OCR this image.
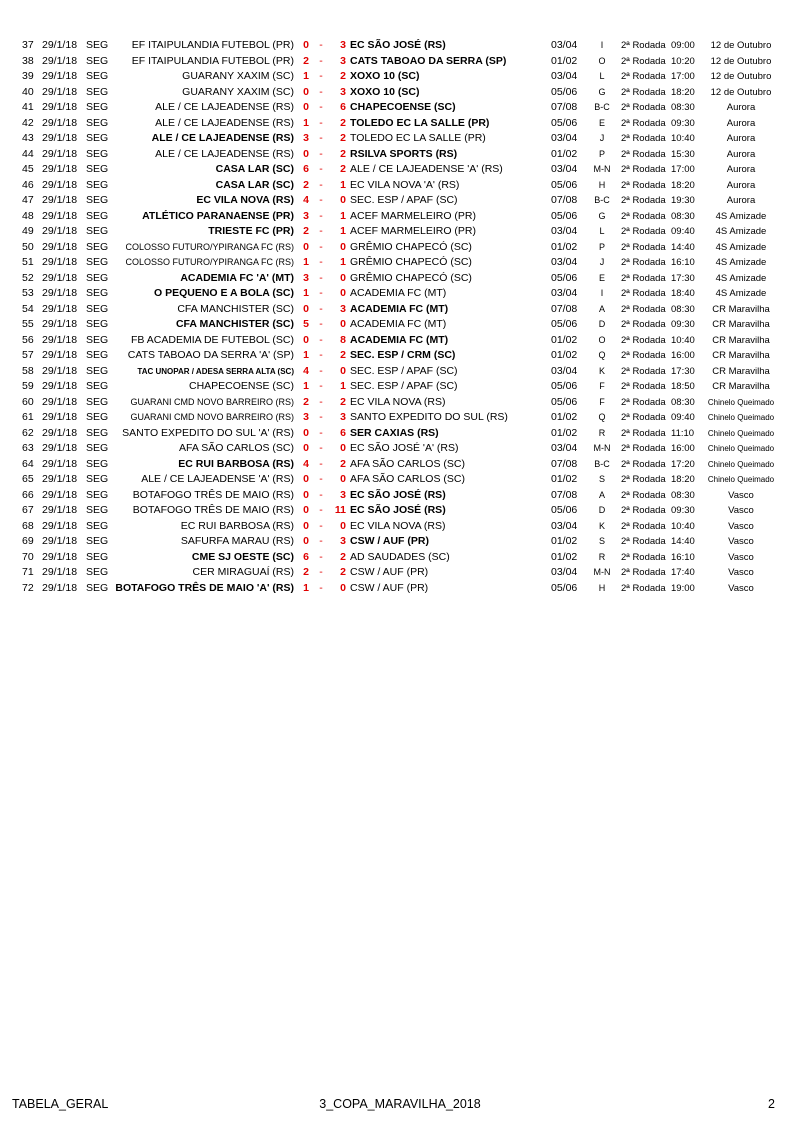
37 29/1/18 SEG EF ITAIPULANDIA FUTEBOL (PR) 0 -	3 EC SÃO JOSÉ (RS)	03/04	I	2ª Rodada 09:00	12 de Outubro
38 29/1/18 SEG EF ITAIPULANDIA FUTEBOL (PR) 2 -	3 CATS TABOAO DA SERRA (SP)	01/02	O	2ª Rodada 10:20	12 de Outubro
39 29/1/18 SEG	GUARANY XAXIM (SC) 1 -	2 XOXO 10 (SC)	03/04	L	2ª Rodada 17:00	12 de Outubro
40 29/1/18 SEG	GUARANY XAXIM (SC) 0 -	3 XOXO 10 (SC)	05/06	G	2ª Rodada 18:20	12 de Outubro
41 29/1/18 SEG	ALE / CE LAJEADENSE (RS) 0 -	6 CHAPECOENSE (SC)	07/08	B-C	2ª Rodada 08:30	Aurora
42 29/1/18 SEG	ALE / CE LAJEADENSE (RS) 1 -	2 TOLEDO EC LA SALLE (PR)	05/06	E	2ª Rodada 09:30	Aurora
43 29/1/18 SEG	ALE / CE LAJEADENSE (RS) 3 -	2 TOLEDO EC LA SALLE (PR)	03/04	J	2ª Rodada 10:40	Aurora
44 29/1/18 SEG	ALE / CE LAJEADENSE (RS) 0 -	2 RSILVA SPORTS (RS)	01/02	P	2ª Rodada 15:30	Aurora
45 29/1/18 SEG	CASA LAR (SC) 6 -	2 ALE / CE LAJEADENSE 'A' (RS)	03/04	M-N	2ª Rodada 17:00	Aurora
46 29/1/18 SEG	CASA LAR (SC) 2 -	1 EC VILA NOVA 'A' (RS)	05/06	H	2ª Rodada 18:20	Aurora
47 29/1/18 SEG	EC VILA NOVA (RS) 4 -	0 SEC. ESP / APAF (SC)	07/08	B-C	2ª Rodada 19:30	Aurora
48 29/1/18 SEG	ATLÉTICO PARANAENSE (PR) 3 -	1 ACEF MARMELEIRO (PR)	05/06	G	2ª Rodada 08:30	4S Amizade
49 29/1/18 SEG	TRIESTE FC (PR) 2 -	1 ACEF MARMELEIRO (PR)	03/04	L	2ª Rodada 09:40	4S Amizade
50 29/1/18 SEG COLOSSO FUTURO/YPIRANGA FC (RS) 0 -	0 GRÊMIO CHAPECÓ (SC)	01/02	P	2ª Rodada 14:40	4S Amizade
51 29/1/18 SEG COLOSSO FUTURO/YPIRANGA FC (RS) 1 -	1 GRÊMIO CHAPECÓ (SC)	03/04	J	2ª Rodada 16:10	4S Amizade
52 29/1/18 SEG	ACADEMIA FC 'A' (MT) 3 -	0 GRÊMIO CHAPECÓ (SC)	05/06	E	2ª Rodada 17:30	4S Amizade
53 29/1/18 SEG	O PEQUENO E A BOLA (SC) 1 -	0 ACADEMIA FC (MT)	03/04	I	2ª Rodada 18:40	4S Amizade
54 29/1/18 SEG	CFA MANCHISTER (SC) 0 -	3 ACADEMIA FC (MT)	07/08	A	2ª Rodada 08:30	CR Maravilha
55 29/1/18 SEG	CFA MANCHISTER (SC) 5 -	0 ACADEMIA FC (MT)	05/06	D	2ª Rodada 09:30	CR Maravilha
56 29/1/18 SEG FB ACADEMIA DE FUTEBOL (SC) 0 -	8 ACADEMIA FC (MT)	01/02	O	2ª Rodada 10:40	CR Maravilha
57 29/1/18 SEG CATS TABOAO DA SERRA 'A' (SP) 1 -	2 SEC. ESP / CRM (SC)	01/02	Q	2ª Rodada 16:00	CR Maravilha
58 29/1/18 SEG	TAC UNOPAR / ADESA SERRA ALTA (SC) 4 -	0 SEC. ESP / APAF (SC)	03/04	K	2ª Rodada 17:30	CR Maravilha
59 29/1/18 SEG	CHAPECOENSE (SC) 1 -	1 SEC. ESP / APAF (SC)	05/06	F	2ª Rodada 18:50	CR Maravilha
60 29/1/18 SEG GUARANI CMD NOVO BARREIRO (RS) 2 -	2 EC VILA NOVA (RS)	05/06	F	2ª Rodada 08:30	Chinelo Queimado
61 29/1/18 SEG GUARANI CMD NOVO BARREIRO (RS) 3 -	3 SANTO EXPEDITO DO SUL (RS)	01/02	Q	2ª Rodada 09:40	Chinelo Queimado
62 29/1/18 SEG SANTO EXPEDITO DO SUL 'A' (RS) 0 -	6 SER CAXIAS (RS)	01/02	R	2ª Rodada 11:10	Chinelo Queimado
63 29/1/18 SEG	AFA SÃO CARLOS (SC) 0 -	0 EC SÃO JOSÉ 'A' (RS)	03/04	M-N	2ª Rodada 16:00	Chinelo Queimado
64 29/1/18 SEG	EC RUI BARBOSA (RS) 4 -	2 AFA SÃO CARLOS (SC)	07/08	B-C	2ª Rodada 17:20	Chinelo Queimado
65 29/1/18 SEG	ALE / CE LAJEADENSE 'A' (RS) 0 -	0 AFA SÃO CARLOS (SC)	01/02	S	2ª Rodada 18:20	Chinelo Queimado
66 29/1/18 SEG BOTAFOGO TRÊS DE MAIO (RS) 0 -	3 EC SÃO JOSÉ (RS)	07/08	A	2ª Rodada 08:30	Vasco
67 29/1/18 SEG BOTAFOGO TRÊS DE MAIO (RS) 0 -	11 EC SÃO JOSÉ (RS)	05/06	D	2ª Rodada 09:30	Vasco
68 29/1/18 SEG	EC RUI BARBOSA (RS) 0 -	0 EC VILA NOVA (RS)	03/04	K	2ª Rodada 10:40	Vasco
69 29/1/18 SEG	SAFURFA MARAU (RS) 0 -	3 CSW / AUF (PR)	01/02	S	2ª Rodada 14:40	Vasco
70 29/1/18 SEG	CME SJ OESTE (SC) 6 -	2 AD SAUDADES (SC)	01/02	R	2ª Rodada 16:10	Vasco
71 29/1/18 SEG	CER MIRAGUAÍ (RS) 2 -	2 CSW / AUF (PR)	03/04	M-N	2ª Rodada 17:40	Vasco
72 29/1/18 SEG BOTAFOGO TRÊS DE MAIO 'A' (RS) 1 -	0 CSW / AUF (PR)	05/06	H	2ª Rodada 19:00	Vasco
TABELA_GERAL	3_COPA_MARAVILHA_2018	2
